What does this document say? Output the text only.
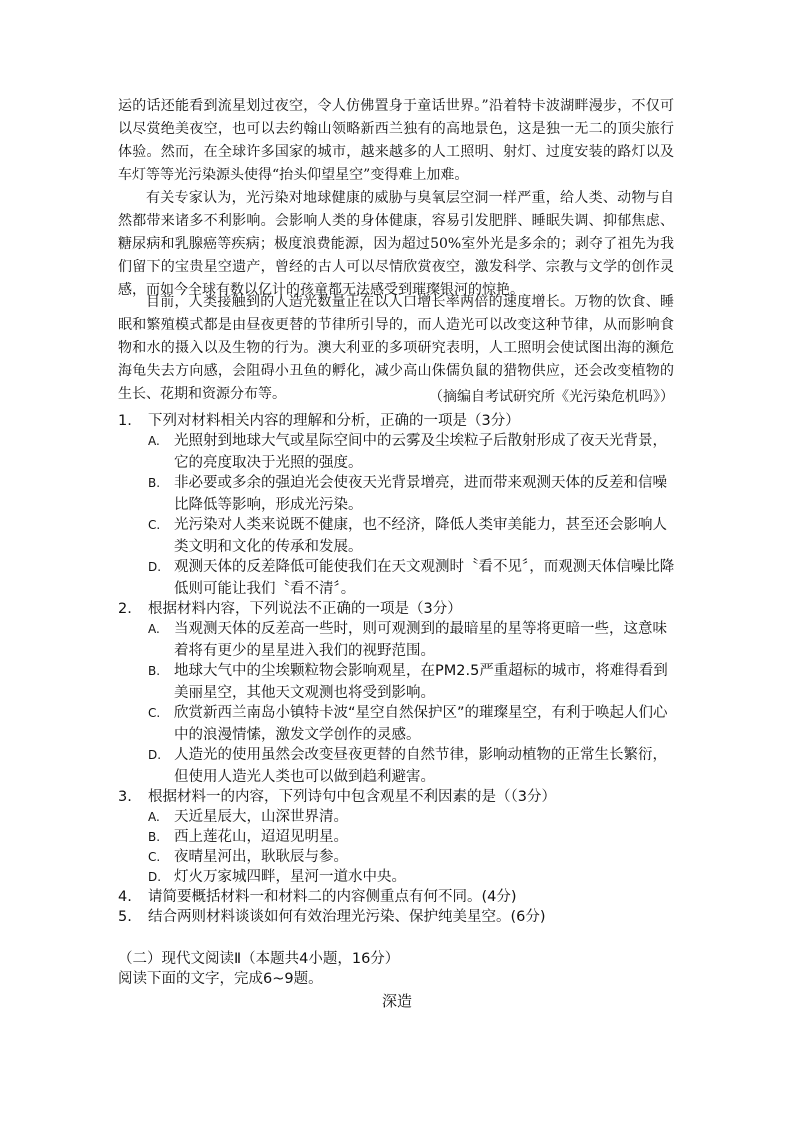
运的话还能看到流星划过夜空，令人仿佛置身于童话世界。”沿着特卡波湖畔漫步，不仅可以尽赏绝美夜空，也可以去约翰山领略新西兰独有的高地景色，这是独一无二的顶尖旅行体验。然而，在全球许多国家的城市，越来越多的人工照明、射灯、过度安装的路灯以及车灯等等光污染源头使得“抬头仰望星空”变得难上加难。
有关专家认为，光污染对地球健康的威胁与臭氧层空洞一样严重，给人类、动物与自然都带来诸多不利影响。会影响人类的身体健康，容易引发肥胖、睡眠失调、抑郁焦虑、糖尿病和乳腺癌等疾病；极度浪费能源，因为超过50%室外光是多余的；剥夺了祖先为我们留下的宝贵星空遗产，曾经的古人可以尽情欣赏夜空，激发科学、宗教与文学的创作灵感，而如今全球有数以亿计的孩童都无法感受到璀璨银河的惊艳。
目前，人类接触到的人造光数量正在以人口增长率两倍的速度增长。万物的饮食、睡眠和繁殖模式都是由昼夜更替的节律所引导的，而人造光可以改变这种节律，从而影响食物和水的摄入以及生物的行为。澳大利亚的多项研究表明，人工照明会使试图出海的濒危海龟失去方向感，会阻碍小丑鱼的孵化，减少高山侏儒负鼠的猎物供应，还会改变植物的生长、花期和资源分布等。	（摘编自考试研究所《光污染危机吗》）
1. 下列对材料相关内容的理解和分析，正确的一项是（3分）
A. 光照射到地球大气或星际空间中的云雾及尘埃粒子后散射形成了夜天光背景，它的亮度取决于光照的强度。
B. 非必要或多余的强迫光会使夜天光背景增亮，进而带来观测天体的反差和信噪比降低等影响，形成光污染。
C. 光污染对人类来说既不健康，也不经济，降低人类审美能力，甚至还会影响人类文明和文化的传承和发展。
D. 观测天体的反差降低可能使我们在天文观测时〝看不见〞，而观测天体信噪比降低则可能让我们〝看不清〞。
2. 根据材料内容，下列说法不正确的一项是（3分）
A. 当观测天体的反差高一些时，则可观测到的最暗星的星等将更暗一些，这意味着将有更少的星星进入我们的视野范围。
B. 地球大气中的尘埃颗粒物会影响观星，在PM2.5严重超标的城市，将难得看到美丽星空，其他天文观测也将受到影响。
C. 欣赏新西兰南岛小镇特卡波“星空自然保护区”的璀璨星空，有利于唤起人们心中的浪漫情愫，激发文学创作的灵感。
D. 人造光的使用虽然会改变昼夜更替的自然节律，影响动植物的正常生长繁衍，但使用人造光人类也可以做到趋利避害。
3. 根据材料一的内容，下列诗句中包含观星不利因素的是（（3分）
A. 天近星辰大，山深世界清。
B. 西上莲花山，迢迢见明星。
C. 夜晴星河出，耿耿辰与参。
D. 灯火万家城四畔，星河一道水中央。
4. 请简要概括材料一和材料二的内容侧重点有何不同。(4分)
5. 结合两则材料谈谈如何有效治理光污染、保护纯美星空。(6分)
（二）现代文阅读Ⅱ（本题共4小题，16分）
阅读下面的文字，完成6~9题。
深造
